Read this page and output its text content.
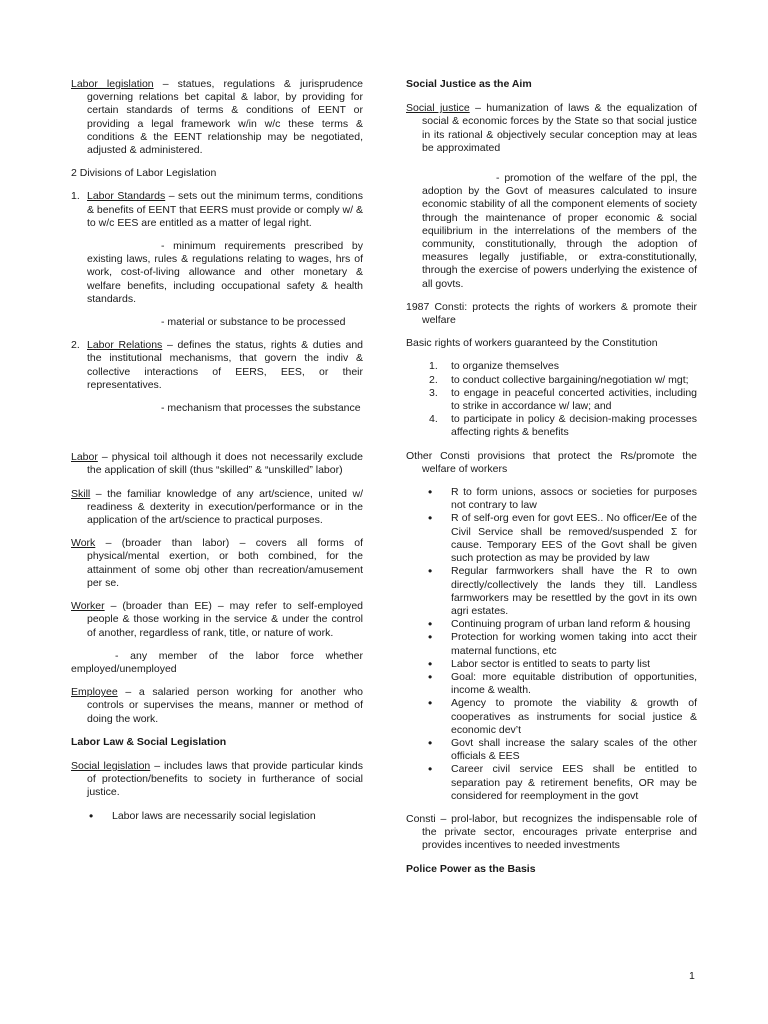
Labor legislation – statues, regulations & jurisprudence governing relations bet capital & labor, by providing for certain standards of terms & conditions of EENT or providing a legal framework w/in w/c these terms & conditions & the EENT relationship may be negotiated, adjusted & administered.

2 Divisions of Labor Legislation

1. Labor Standards – sets out the minimum terms, conditions & benefits of EENT that EERS must provide or comply w/ & to w/c EES are entitled as a matter of legal right.

- minimum requirements prescribed by existing laws, rules & regulations relating to wages, hrs of work, cost-of-living allowance and other monetary & welfare benefits, including occupational safety & health standards.

- material or substance to be processed

2. Labor Relations – defines the status, rights & duties and the institutional mechanisms, that govern the indiv & collective interactions of EERS, EES, or their representatives.

- mechanism that processes the substance

Labor – physical toil although it does not necessarily exclude the application of skill (thus “skilled” & “unskilled” labor)

Skill – the familiar knowledge of any art/science, united w/ readiness & dexterity in execution/performance or in the application of the art/science to practical purposes.

Work – (broader than labor) – covers all forms of physical/mental exertion, or both combined, for the attainment of some obj other than recreation/amusement per se.

Worker – (broader than EE) – may refer to self-employed people & those working in the service & under the control of another, regardless of rank, title, or nature of work.

- any member of the labor force whether employed/unemployed

Employee – a salaried person working for another who controls or supervises the means, manner or method of doing the work.

Labor Law & Social Legislation

Social legislation – includes laws that provide particular kinds of protection/benefits to society in furtherance of social justice.

•	Labor laws are necessarily social legislation

Social Justice as the Aim

Social justice – humanization of laws & the equalization of social & economic forces by the State so that social justice in its rational & objectively secular conception may at leas be approximated

- promotion of the welfare of the ppl, the adoption by the Govt of measures calculated to insure economic stability of all the component elements of society through the maintenance of proper economic & social equilibrium in the interrelations of the members of the community, constitutionally, through the adoption of measures legally justifiable, or extra-constitutionally, through the exercise of powers underlying the existence of all govts.

1987 Consti: protects the rights of workers & promote their welfare

Basic rights of workers guaranteed by the Constitution

1.	to organize themselves
2.	to conduct collective bargaining/negotiation w/ mgt;
3.	to engage in peaceful concerted activities, including to strike in accordance w/ law; and
4.	to participate in policy & decision-making processes affecting rights & benefits

Other Consti provisions that protect the Rs/promote the welfare of workers

•	R to form unions, assocs or societies for purposes not contrary to law
•	R of self-org even for govt EES.. No officer/Ee of the Civil Service shall be removed/suspended Σ for cause. Temporary EES of the Govt shall be given such protection as may be provided by law
•	Regular farmworkers shall have the R to own directly/collectively the lands they till. Landless farmworkers may be resettled by the govt in its own agri estates.
•	Continuing program of urban land reform & housing
•	Protection for working women taking into acct their maternal functions, etc
•	Labor sector is entitled to seats to party list
•	Goal: more equitable distribution of opportunities, income & wealth.
•	Agency to promote the viability & growth of cooperatives as instruments for social justice & economic dev’t
•	Govt shall increase the salary scales of the other officials & EES
•	Career civil service EES shall be entitled to separation pay & retirement benefits, OR may be considered for reemployment in the govt

Consti – prol-labor, but recognizes the indispensable role of the private sector, encourages private enterprise and provides incentives to needed investments

Police Power as the Basis

1
